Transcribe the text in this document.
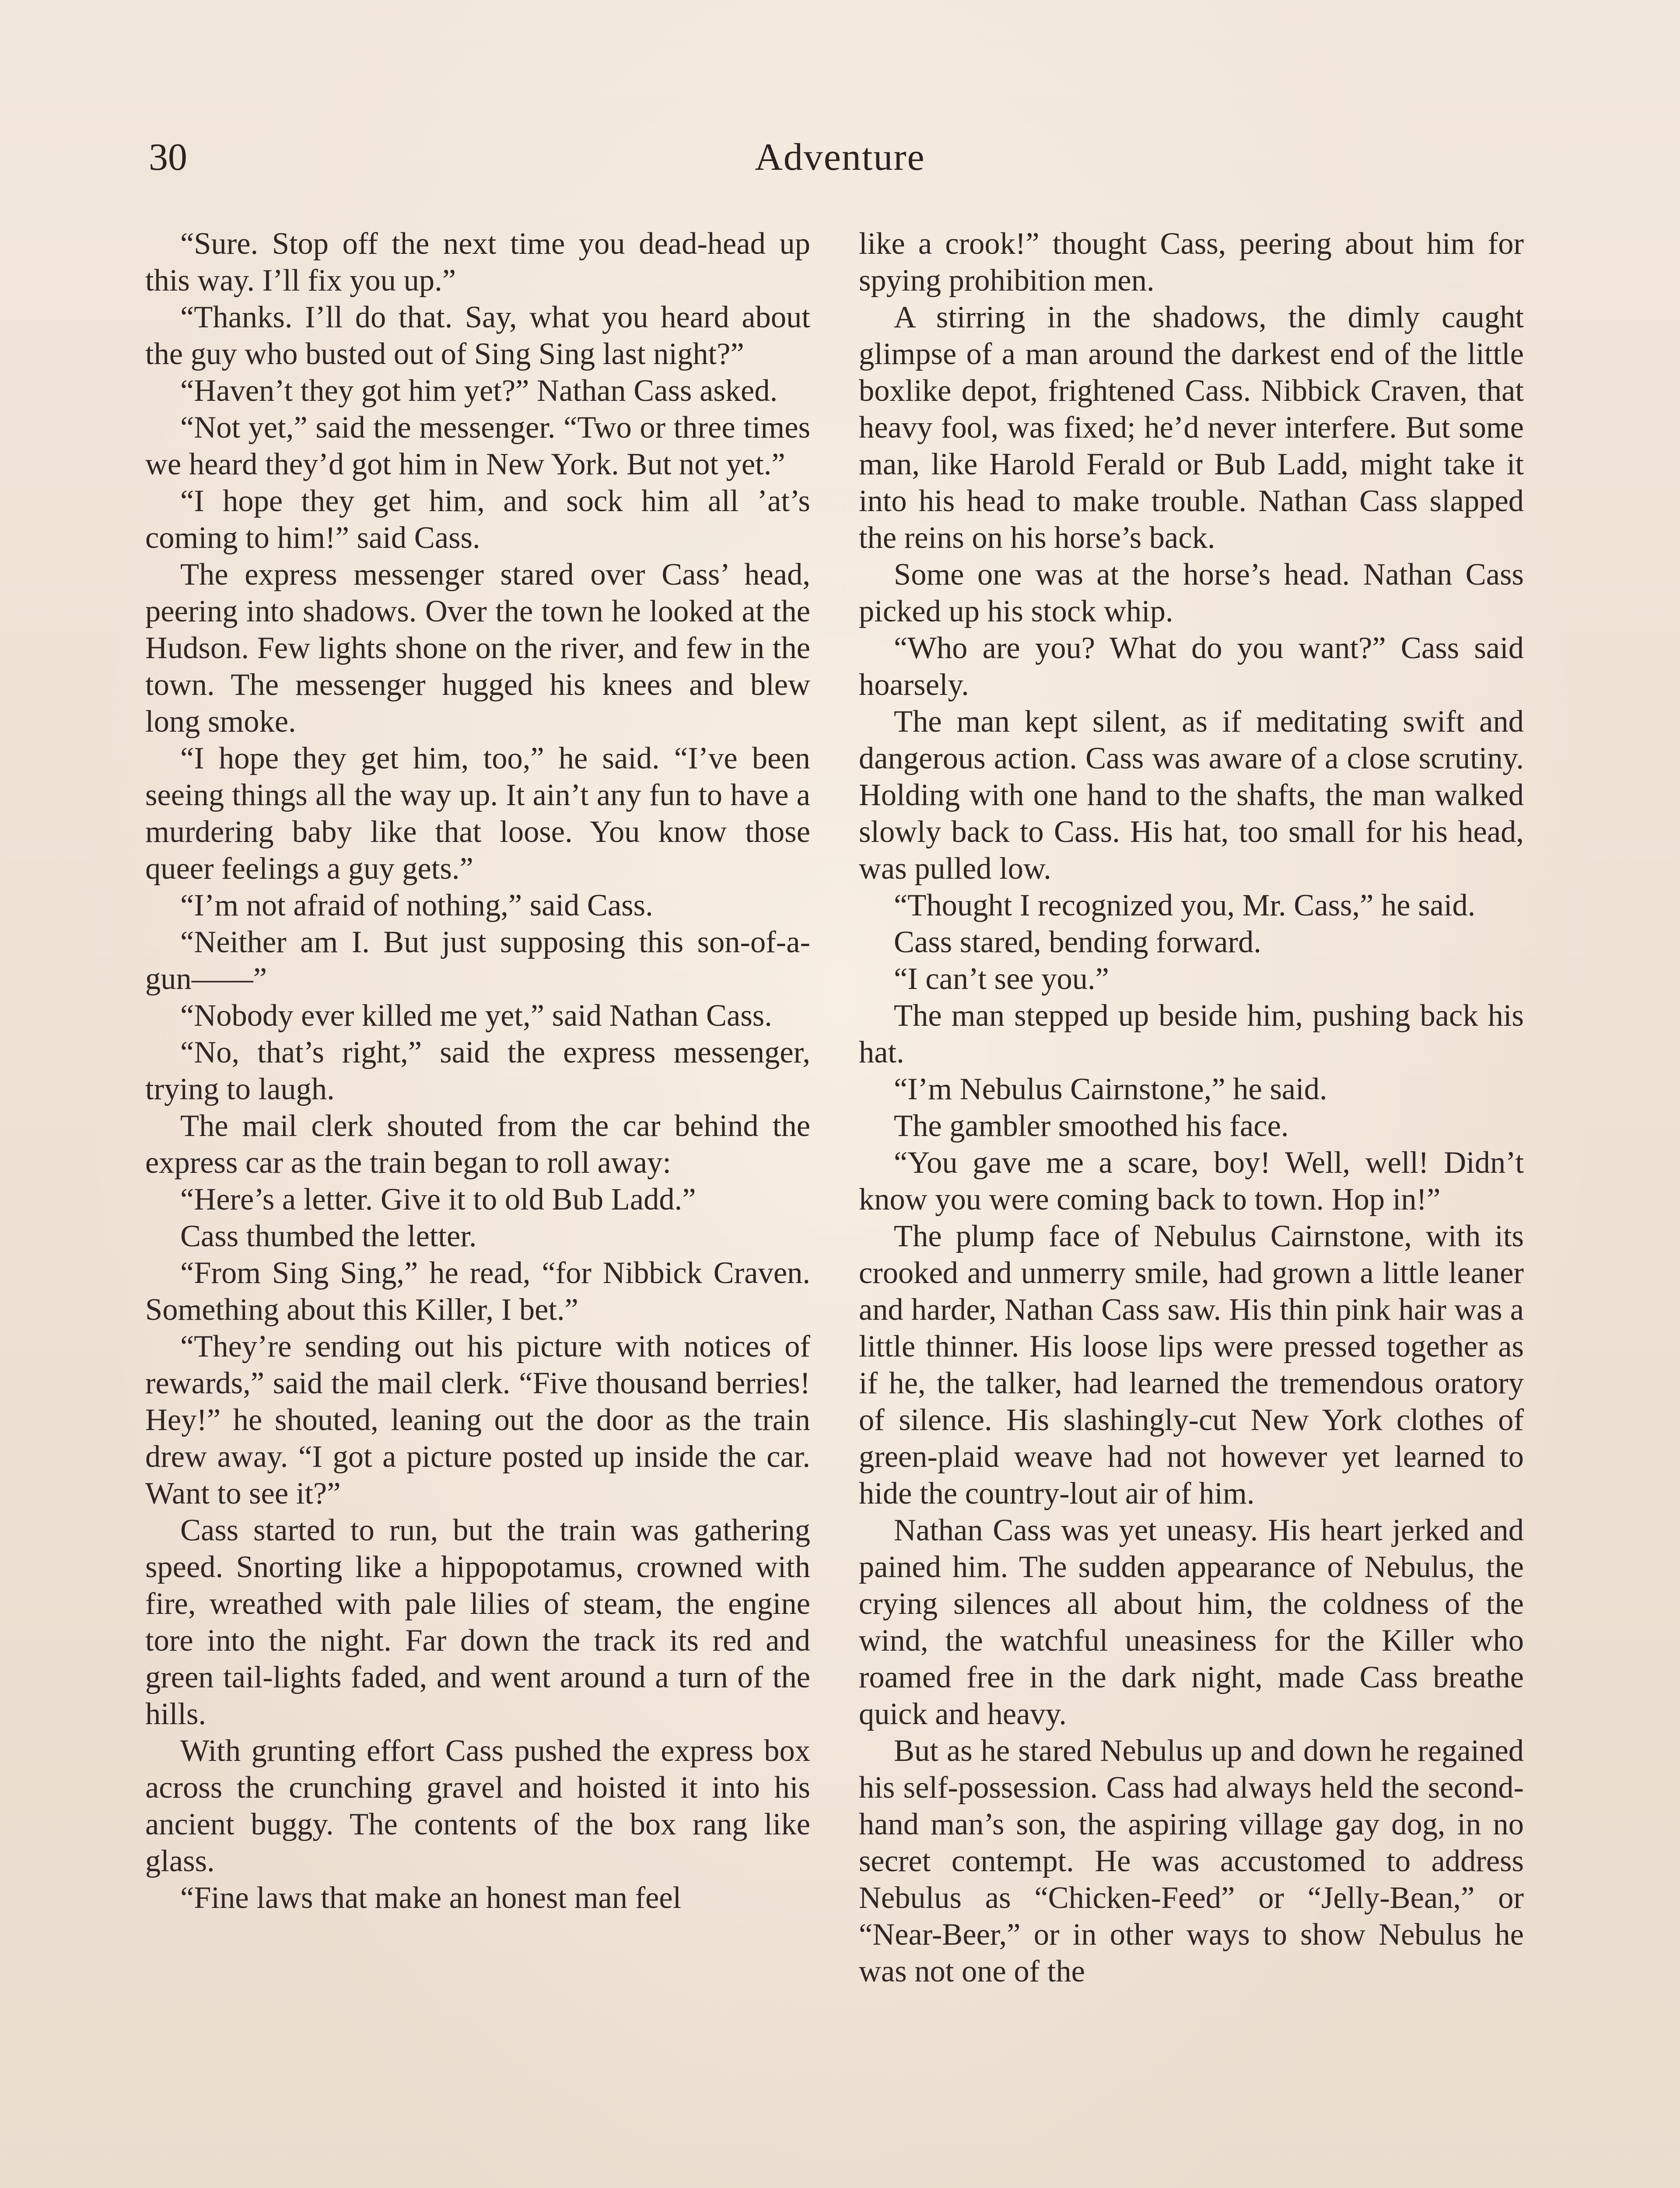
30	Adventure

“Sure. Stop off the next time you dead-head up this way. I’ll fix you up.”

“Thanks. I’ll do that. Say, what you heard about the guy who busted out of Sing Sing last night?”

“Haven’t they got him yet?” Nathan Cass asked.

“Not yet,” said the messenger. “Two or three times we heard they’d got him in New York. But not yet.”

“I hope they get him, and sock him all ’at’s coming to him!” said Cass.

The express messenger stared over Cass’ head, peering into shadows. Over the town he looked at the Hudson. Few lights shone on the river, and few in the town. The messenger hugged his knees and blew long smoke.

“I hope they get him, too,” he said. “I’ve been seeing things all the way up. It ain’t any fun to have a murdering baby like that loose. You know those queer feelings a guy gets.”

“I’m not afraid of nothing,” said Cass.

“Neither am I. But just supposing this son-of-a-gun——”

“Nobody ever killed me yet,” said Nathan Cass.

“No, that’s right,” said the express messenger, trying to laugh.

The mail clerk shouted from the car behind the express car as the train began to roll away:

“Here’s a letter. Give it to old Bub Ladd.”

Cass thumbed the letter.

“From Sing Sing,” he read, “for Nibbick Craven. Something about this Killer, I bet.”

“They’re sending out his picture with notices of rewards,” said the mail clerk. “Five thousand berries! Hey!” he shouted, leaning out the door as the train drew away. “I got a picture posted up inside the car. Want to see it?”

Cass started to run, but the train was gathering speed. Snorting like a hippopotamus, crowned with fire, wreathed with pale lilies of steam, the engine tore into the night. Far down the track its red and green tail-lights faded, and went around a turn of the hills.

With grunting effort Cass pushed the express box across the crunching gravel and hoisted it into his ancient buggy. The contents of the box rang like glass.

“Fine laws that make an honest man feel

like a crook!” thought Cass, peering about him for spying prohibition men.

A stirring in the shadows, the dimly caught glimpse of a man around the darkest end of the little boxlike depot, frightened Cass. Nibbick Craven, that heavy fool, was fixed; he’d never interfere. But some man, like Harold Ferald or Bub Ladd, might take it into his head to make trouble. Nathan Cass slapped the reins on his horse’s back.

Some one was at the horse’s head. Nathan Cass picked up his stock whip.

“Who are you? What do you want?” Cass said hoarsely.

The man kept silent, as if meditating swift and dangerous action. Cass was aware of a close scrutiny. Holding with one hand to the shafts, the man walked slowly back to Cass. His hat, too small for his head, was pulled low.

“Thought I recognized you, Mr. Cass,” he said.

Cass stared, bending forward.

“I can’t see you.”

The man stepped up beside him, pushing back his hat.

“I’m Nebulus Cairnstone,” he said.

The gambler smoothed his face.

“You gave me a scare, boy! Well, well! Didn’t know you were coming back to town. Hop in!”

The plump face of Nebulus Cairnstone, with its crooked and unmerry smile, had grown a little leaner and harder, Nathan Cass saw. His thin pink hair was a little thinner. His loose lips were pressed together as if he, the talker, had learned the tremendous oratory of silence. His slashingly-cut New York clothes of green-plaid weave had not however yet learned to hide the country-lout air of him.

Nathan Cass was yet uneasy. His heart jerked and pained him. The sudden appearance of Nebulus, the crying silences all about him, the coldness of the wind, the watchful uneasiness for the Killer who roamed free in the dark night, made Cass breathe quick and heavy.

But as he stared Nebulus up and down he regained his self-possession. Cass had always held the second-hand man’s son, the aspiring village gay dog, in no secret contempt. He was accustomed to address Nebulus as “Chicken-Feed” or “Jelly-Bean,” or “Near-Beer,” or in other ways to show Nebulus he was not one of the
